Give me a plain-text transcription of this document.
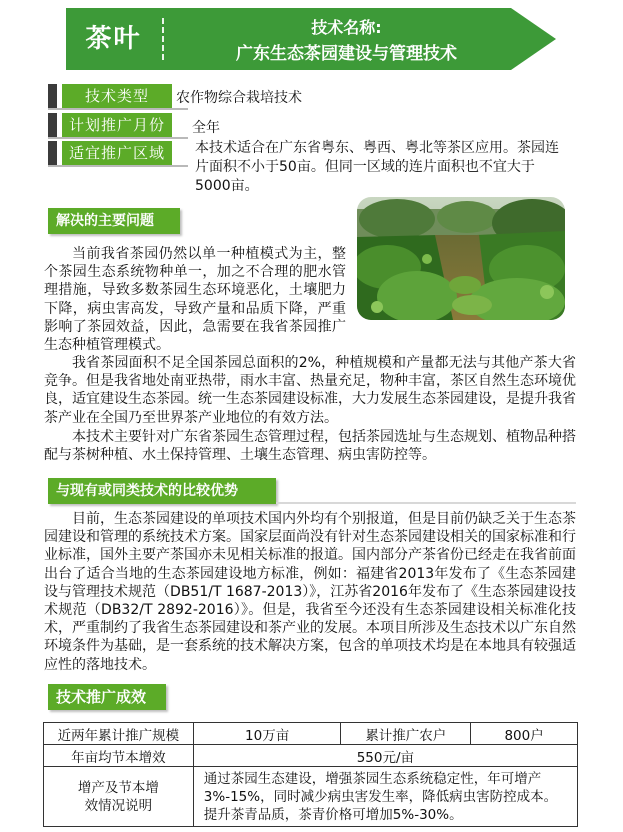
茶叶	技术名称:
广东生态茶园建设与管理技术
技术类型	农作物综合栽培技术
计划推广月份	全年
适宜推广区域	本技术适合在广东省粤东、粤西、粤北等茶区应用。茶园连片面积不小于50亩。但同一区域的连片面积也不宜大于5000亩。
解决的主要问题
当前我省茶园仍然以单一种植模式为主，整个茶园生态系统物种单一，加之不合理的肥水管理措施，导致多数茶园生态环境恶化，土壤肥力下降，病虫害高发，导致产量和品质下降，严重影响了茶园效益，因此，急需要在我省茶园推广生态种植管理模式。
我省茶园面积不足全国茶园总面积的2%，种植规模和产量都无法与其他产茶大省竞争。但是我省地处南亚热带，雨水丰富、热量充足，物种丰富，茶区自然生态环境优良，适宜建设生态茶园。统一生态茶园建设标准，大力发展生态茶园建设，是提升我省茶产业在全国乃至世界茶产业地位的有效方法。
本技术主要针对广东省茶园生态管理过程，包括茶园选址与生态规划、植物品种搭配与茶树种植、水土保持管理、土壤生态管理、病虫害防控等。
与现有或同类技术的比较优势
目前，生态茶园建设的单项技术国内外均有个别报道，但是目前仍缺乏关于生态茶园建设和管理的系统技术方案。国家层面尚没有针对生态茶园建设相关的国家标准和行业标准，国外主要产茶国亦未见相关标准的报道。国内部分产茶省份已经走在我省前面出台了适合当地的生态茶园建设地方标准，例如：福建省2013年发布了《生态茶园建设与管理技术规范（DB51/T 1687-2013）》，江苏省2016年发布了《生态茶园建设技术规范（DB32/T 2892-2016）》。但是，我省至今还没有生态茶园建设相关标准化技术，严重制约了我省生态茶园建设和茶产业的发展。本项目所涉及生态技术以广东自然环境条件为基础，是一套系统的技术解决方案，包含的单项技术均是在本地具有较强适应性的落地技术。
技术推广成效
近两年累计推广规模	10万亩	累计推广农户	800户
年亩均节本增效	550元/亩		
增产及节本增效情况说明	通过茶园生态建设，增强茶园生态系统稳定性，年可增产3%-15%，同时减少病虫害发生率，降低病虫害防控成本。提升茶青品质，茶青价格可增加5%-30%。		
